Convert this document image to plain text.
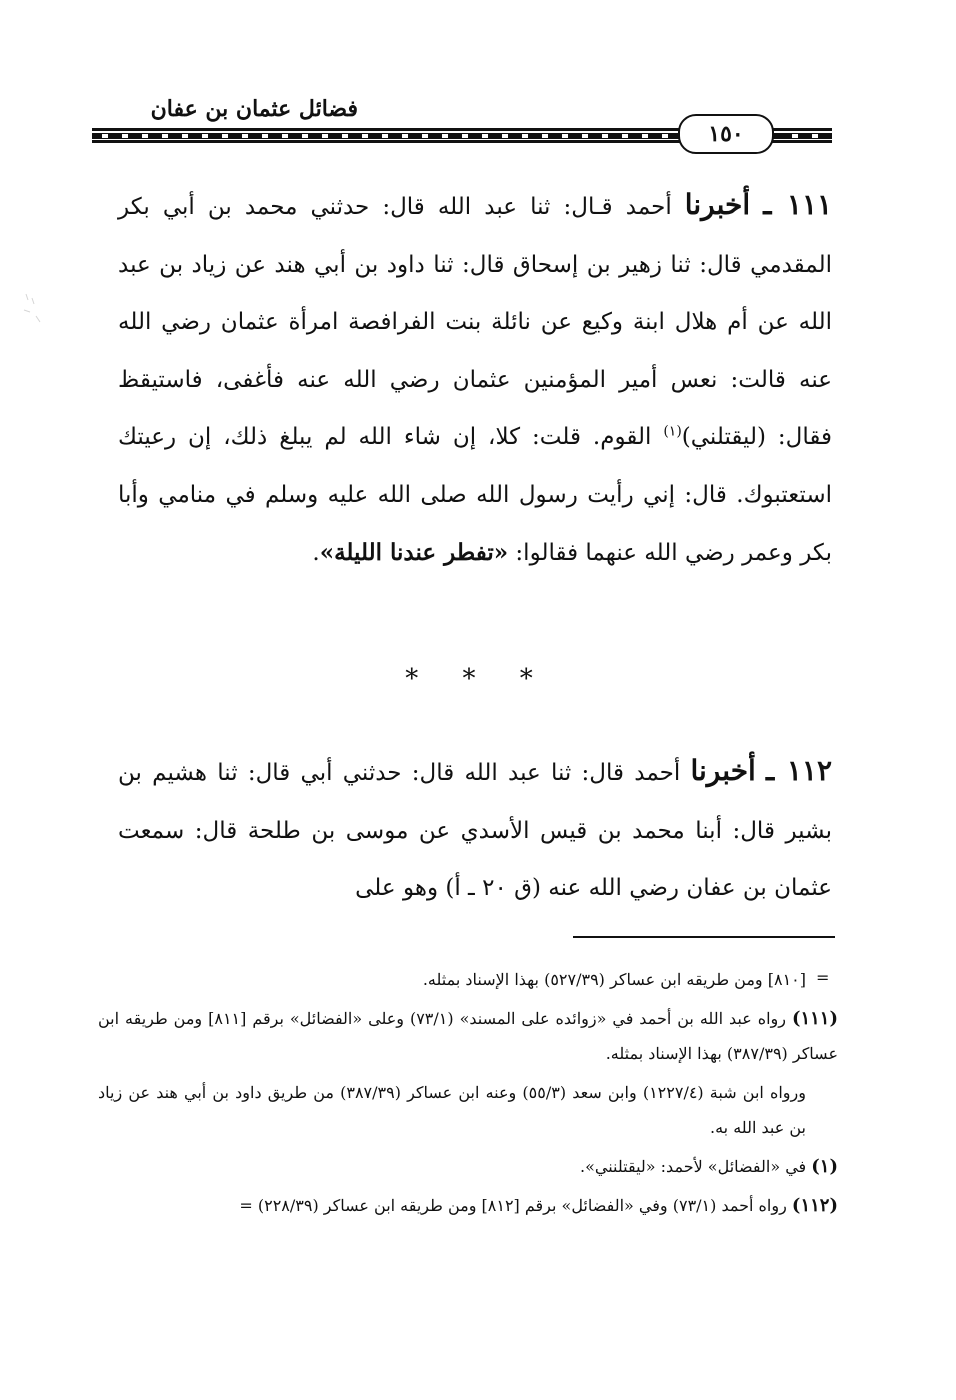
فضائل عثمان بن عفان
١٥٠
١١١ ـ أخبرنا أحمد قـال: ثنا عبد الله قال: حدثني محمد بن أبي بكر المقدمي قال: ثنا زهير بن إسحاق قال: ثنا داود بن أبي هند عن زياد بن عبد الله عن أم هلال ابنة وكيع عن نائلة بنت الفرافصة امرأة عثمان رضي الله عنه قالت: نعس أمير المؤمنين عثمان رضي الله عنه فأغفى، فاستيقظ فقال: (ليقتلني)$^{(١)}$ القوم. قلت: كلا، إن شاء الله لم يبلغ ذلك، إن رعيتك استعتبوك. قال: إني رأيت رسول الله صلى الله عليه وسلم في منامي وأبا بكر وعمر رضي الله عنهما فقالوا: «تفطر عندنا الليلة».
* * *
١١٢ ـ أخبرنا أحمد قال: ثنا عبد الله قال: حدثني أبي قال: ثنا هشيم بن بشير قال: أبنا محمد بن قيس الأسدي عن موسى بن طلحة قال: سمعت عثمان بن عفان رضي الله عنه (ق ٢٠ ـ أ) وهو على
=

[٨١٠] ومن طريقه ابن عساكر (٥٢٧/٣٩) بهذا الإسناد بمثله.

(١١١) رواه عبد الله بن أحمد في «زوائده على المسند» (٧٣/١) وعلى «الفضائل» برقم [٨١١] ومن طريقه ابن عساكر (٣٨٧/٣٩) بهذا الإسناد بمثله.

ورواه ابن شبة (١٢٢٧/٤) وابن سعد (٥٥/٣) وعنه ابن عساكر (٣٨٧/٣٩) من طريق داود بن أبي هند عن زياد بن عبد الله به.

(١) في «الفضائل» لأحمد: «ليقتلنني».

(١١٢) رواه أحمد (٧٣/١) وفي «الفضائل» برقم [٨١٢] ومن طريقه ابن عساكر (٢٢٨/٣٩) =
